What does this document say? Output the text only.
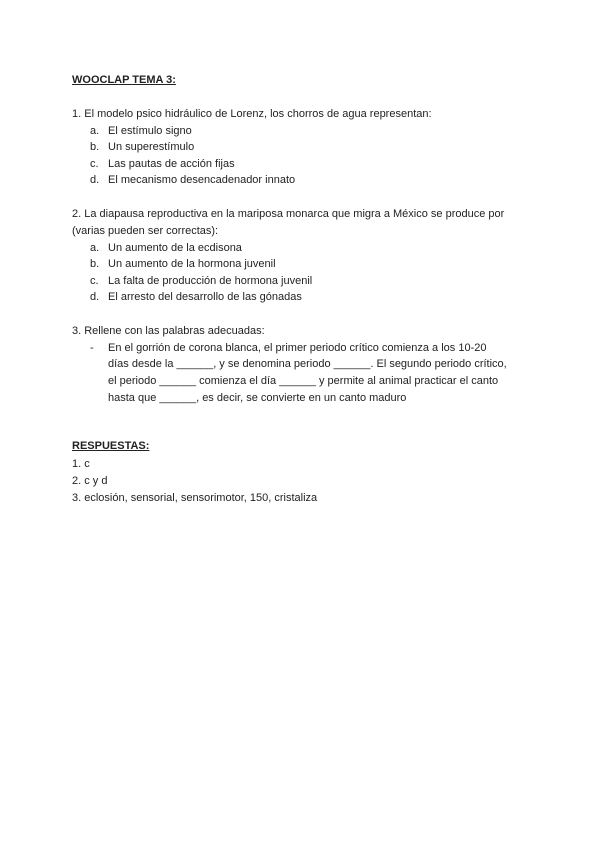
WOOCLAP TEMA 3:
1. El modelo psico hidráulico de Lorenz, los chorros de agua representan:
a. El estímulo signo
b. Un superestímulo
c. Las pautas de acción fijas
d. El mecanismo desencadenador innato
2. La diapausa reproductiva en la mariposa monarca que migra a México se produce por
(varias pueden ser correctas):
a. Un aumento de la ecdisona
b. Un aumento de la hormona juvenil
c. La falta de producción de hormona juvenil
d. El arresto del desarrollo de las gónadas
3. Rellene con las palabras adecuadas:
- En el gorrión de corona blanca, el primer periodo crítico comienza a los 10-20
días desde la ______, y se denomina periodo ______. El segundo periodo crítico,
el periodo ______ comienza el día ______ y permite al animal practicar el canto
hasta que ______, es decir, se convierte en un canto maduro
RESPUESTAS:
1. c
2. c y d
3. eclosión, sensorial, sensorimotor, 150, cristaliza
